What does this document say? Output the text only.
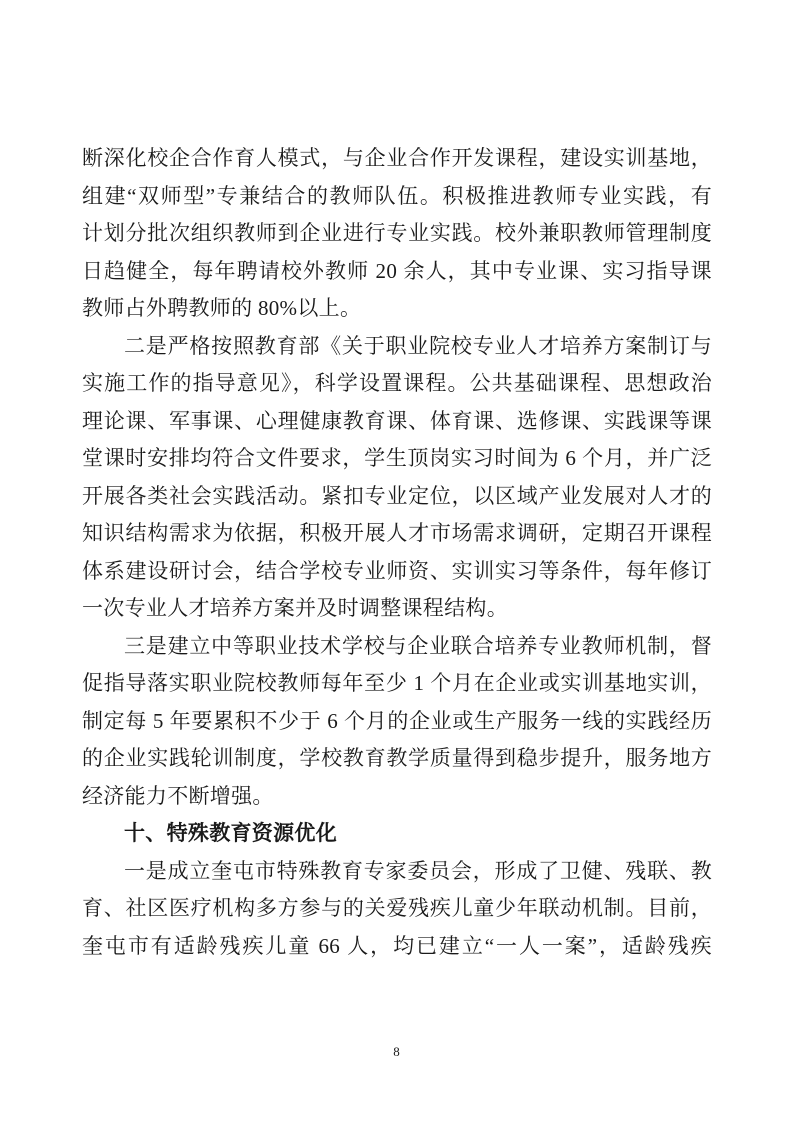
断深化校企合作育人模式，与企业合作开发课程，建设实训基地，

组建“双师型”专兼结合的教师队伍。积极推进教师专业实践，有

计划分批次组织教师到企业进行专业实践。校外兼职教师管理制度

日趋健全，每年聘请校外教师 20 余人，其中专业课、实习指导课

教师占外聘教师的 80%以上。

二是严格按照教育部《关于职业院校专业人才培养方案制订与

实施工作的指导意见》，科学设置课程。公共基础课程、思想政治

理论课、军事课、心理健康教育课、体育课、选修课、实践课等课

堂课时安排均符合文件要求，学生顶岗实习时间为 6 个月，并广泛

开展各类社会实践活动。紧扣专业定位，以区域产业发展对人才的

知识结构需求为依据，积极开展人才市场需求调研，定期召开课程

体系建设研讨会，结合学校专业师资、实训实习等条件，每年修订

一次专业人才培养方案并及时调整课程结构。

三是建立中等职业技术学校与企业联合培养专业教师机制，督

促指导落实职业院校教师每年至少 1 个月在企业或实训基地实训，

制定每 5 年要累积不少于 6 个月的企业或生产服务一线的实践经历

的企业实践轮训制度，学校教育教学质量得到稳步提升，服务地方

经济能力不断增强。

十、特殊教育资源优化

一是成立奎屯市特殊教育专家委员会，形成了卫健、残联、教

育、社区医疗机构多方参与的关爱残疾儿童少年联动机制。目前，

奎屯市有适龄残疾儿童 66 人，均已建立“一人一案”，适龄残疾

8
